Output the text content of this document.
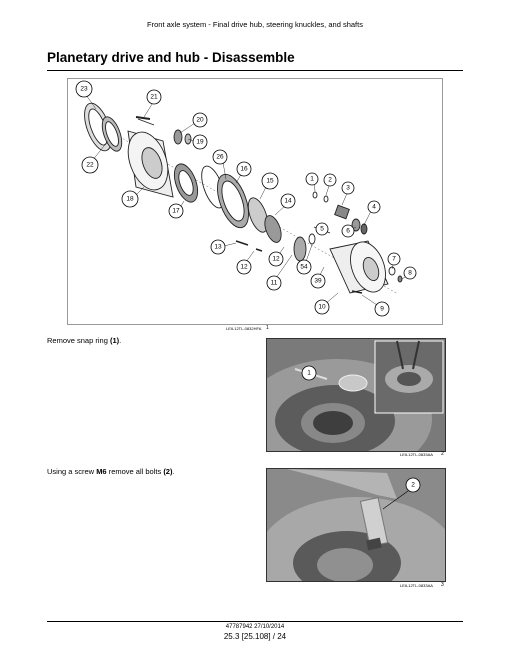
Front axle system - Final drive hub, steering knuckles, and shafts
Planetary drive and hub - Disassemble
23
21
20
19
22
26
16
15	1 2
3
18
17
14
4
5	6
13
12
12
54
7
11	39
8
10	9
LEIL12TL-0832HFA 1
Remove snap ring (1).
1
LEIL12TL-0833AA 2
Using a screw M6 remove all bolts (2).
2
LEIL12TL-0833AA 3
47787942 27/10/2014
25.3 [25.108] / 24
